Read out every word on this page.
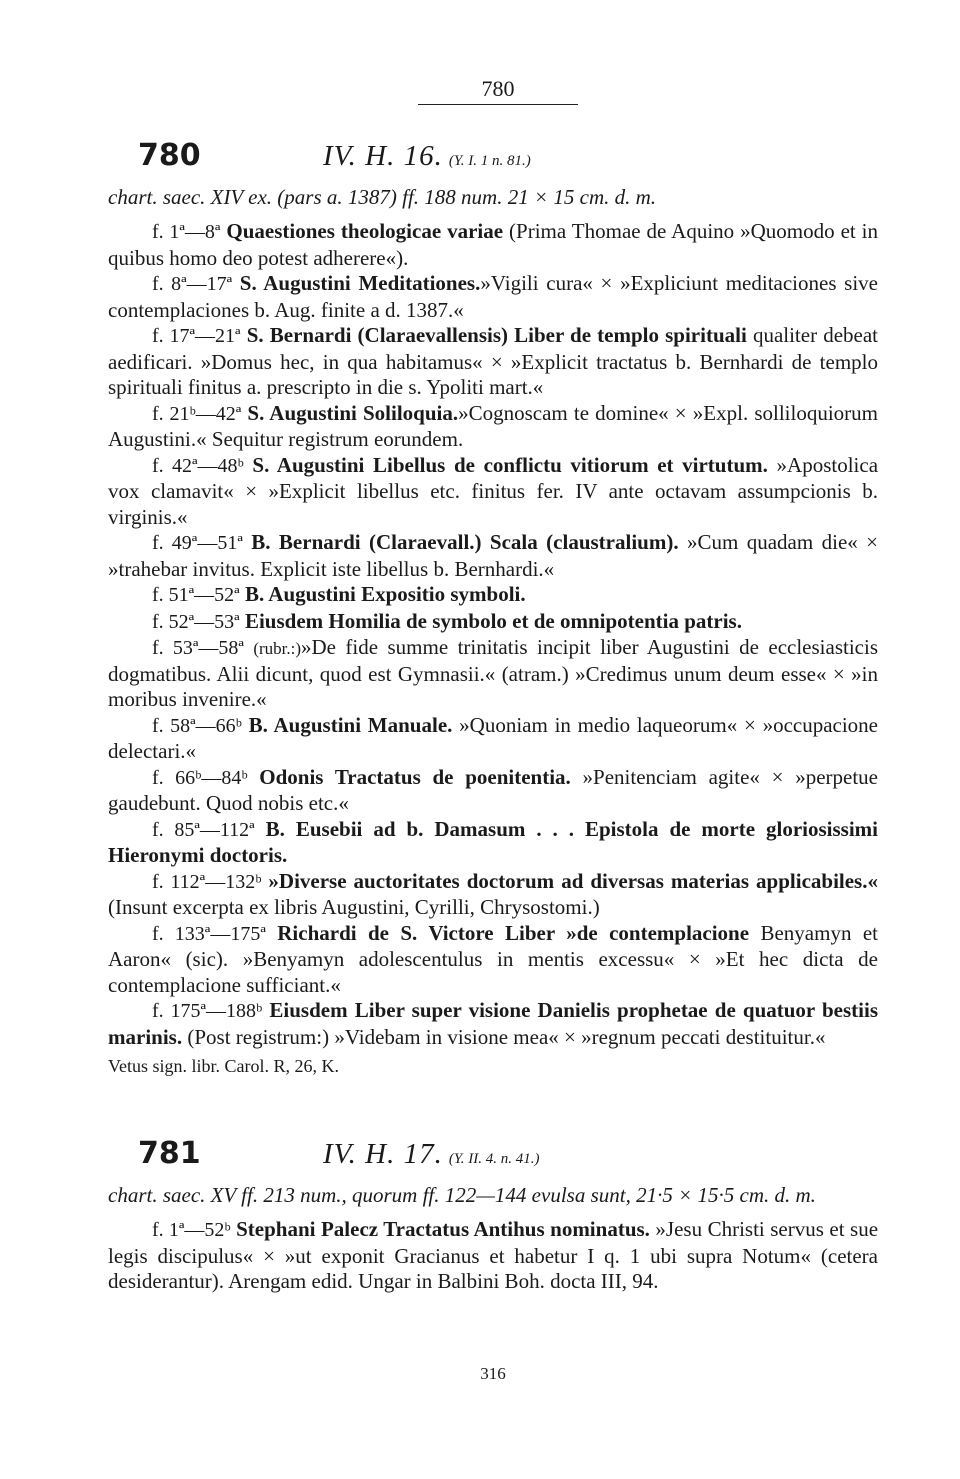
780
780	IV. H. 16. (Y. I. 1 n. 81.)
chart. saec. XIV ex. (pars a. 1387) ff. 188 num. 21 × 15 cm. d. m.

f. 1ª—8ª Quaestiones theologicae variae (Prima Thomae de Aquino »Quomodo et in quibus homo deo potest adherere«).

f. 8ª—17ª S. Augustini Meditationes.»Vigili cura« × »Expliciunt meditaciones sive contemplaciones b. Aug. finite a d. 1387.«

f. 17ª—21ª S. Bernardi (Claraevallensis) Liber de templo spirituali qualiter debeat aedificari. »Domus hec, in qua habitamus« × »Explicit tractatus b. Bernhardi de templo spirituali finitus a. prescripto in die s. Ypoliti mart.«

f. 21ᵇ—42ª S. Augustini Soliloquia.»Cognoscam te domine« × »Expl. solliloquiorum Augustini.« Sequitur registrum eorundem.

f. 42ª—48ᵇ S. Augustini Libellus de conflictu vitiorum et virtutum. »Apostolica vox clamavit« × »Explicit libellus etc. finitus fer. IV ante octavam assumpcionis b. virginis.«

f. 49ª—51ª B. Bernardi (Claraevall.) Scala (claustralium). »Cum quadam die« × »trahebar invitus. Explicit iste libellus b. Bernhardi.«

f. 51ª—52ª B. Augustini Expositio symboli.

f. 52ª—53ª Eiusdem Homilia de symbolo et de omnipotentia patris.

f. 53ª—58ª (rubr.:)»De fide summe trinitatis incipit liber Augustini de ecclesiasticis dogmatibus. Alii dicunt, quod est Gymnasii.« (atram.) »Credimus unum deum esse« × »in moribus invenire.«

f. 58ª—66ᵇ B. Augustini Manuale. »Quoniam in medio laqueorum« × »occupacione delectari.«

f. 66ᵇ—84ᵇ Odonis Tractatus de poenitentia. »Penitenciam agite« × »perpetue gaudebunt. Quod nobis etc.«

f. 85ª—112ª B. Eusebii ad b. Damasum . . . Epistola de morte gloriosissimi Hieronymi doctoris.

f. 112ª—132ᵇ »Diverse auctoritates doctorum ad diversas materias applicabiles.« (Insunt excerpta ex libris Augustini, Cyrilli, Chrysostomi.)

f. 133ª—175ª Richardi de S. Victore Liber »de contemplacione Benyamyn et Aaron« (sic). »Benyamyn adolescentulus in mentis excessu« × »Et hec dicta de contemplacione sufficiant.«

f. 175ª—188ᵇ Eiusdem Liber super visione Danielis prophetae de quatuor bestiis marinis. (Post registrum:) »Videbam in visione mea« × »regnum peccati destituitur.«

Vetus sign. libr. Carol. R, 26, K.

781	IV. H. 17. (Y. II. 4. n. 41.)
chart. saec. XV ff. 213 num., quorum ff. 122—144 evulsa sunt, 21·5 × 15·5 cm. d. m.

f. 1ª—52ᵇ Stephani Palecz Tractatus Antihus nominatus. »Jesu Christi servus et sue legis discipulus« × »ut exponit Gracianus et habetur I q. 1 ubi supra Notum« (cetera desiderantur). Arengam edid. Ungar in Balbini Boh. docta III, 94.

316
